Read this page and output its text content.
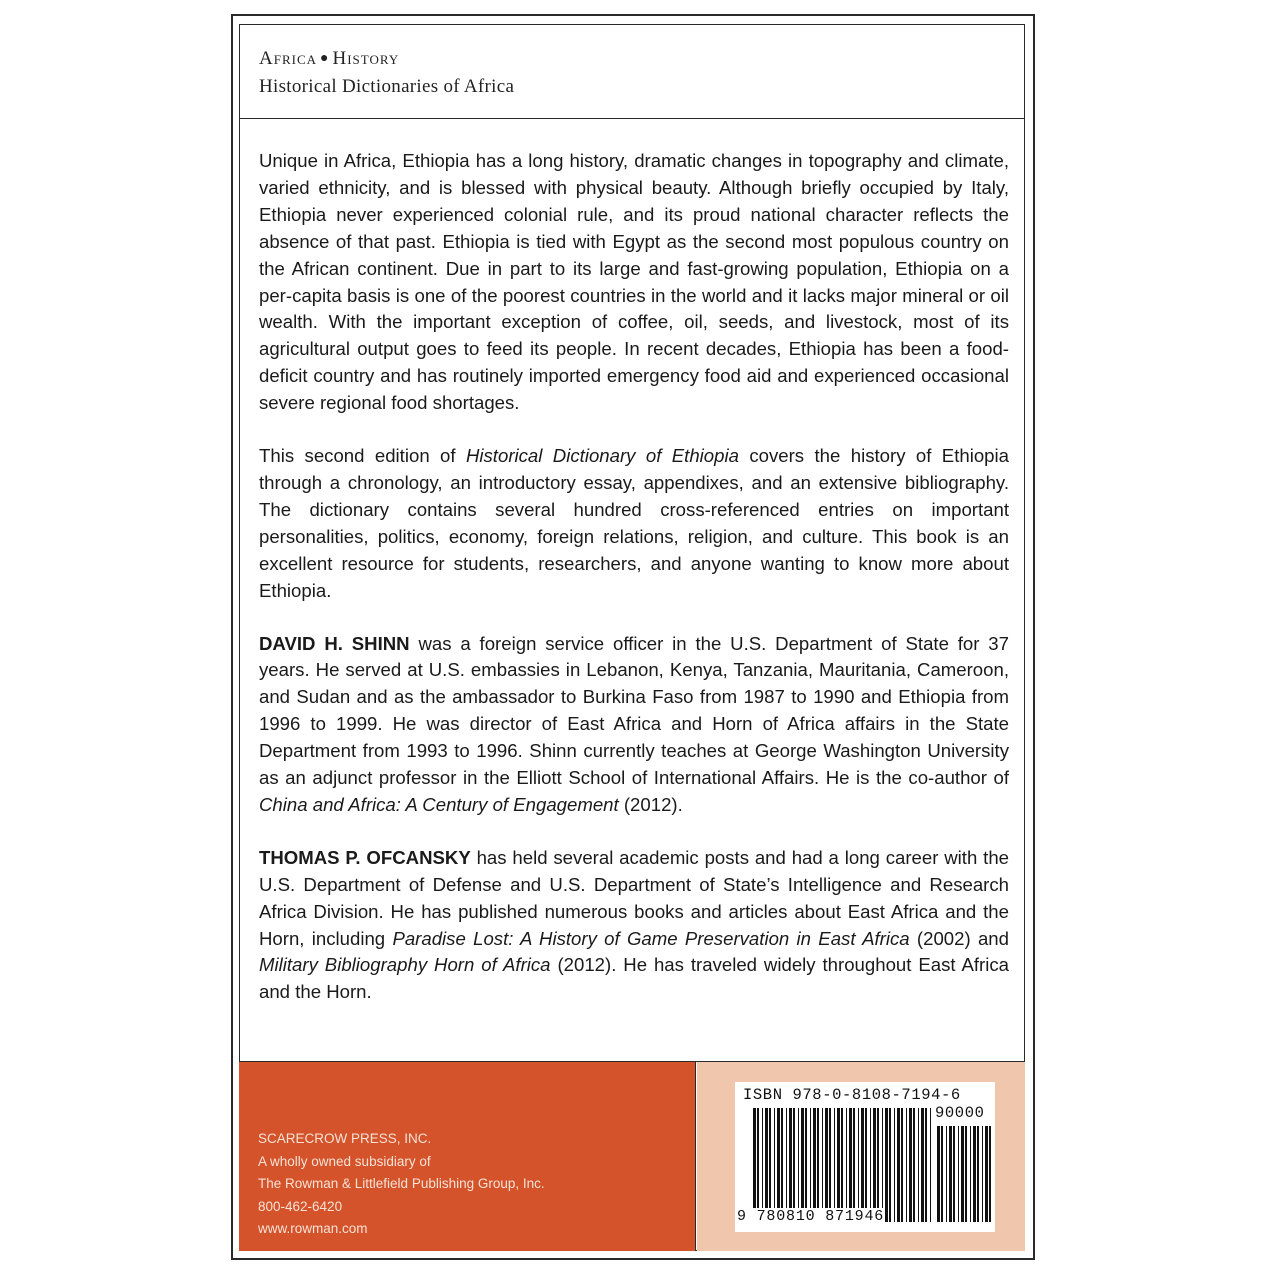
Africa ● History
Historical Dictionaries of Africa

Unique in Africa, Ethiopia has a long history, dramatic changes in topography and climate, varied ethnicity, and is blessed with physical beauty. Although briefly occupied by Italy, Ethiopia never experienced colonial rule, and its proud national character reflects the absence of that past. Ethiopia is tied with Egypt as the second most populous country on the African continent. Due in part to its large and fast-growing population, Ethiopia on a per-capita basis is one of the poorest countries in the world and it lacks major mineral or oil wealth. With the important exception of coffee, oil, seeds, and livestock, most of its agricultural output goes to feed its people. In recent decades, Ethiopia has been a food-deficit country and has routinely imported emergency food aid and experienced occasional severe regional food shortages.

This second edition of Historical Dictionary of Ethiopia covers the history of Ethiopia through a chronology, an introductory essay, appendixes, and an extensive bibliography. The dictionary contains several hundred cross-referenced entries on important personalities, politics, economy, foreign relations, religion, and culture. This book is an excellent resource for students, researchers, and anyone wanting to know more about Ethiopia.

DAVID H. SHINN was a foreign service officer in the U.S. Department of State for 37 years. He served at U.S. embassies in Lebanon, Kenya, Tanzania, Mauritania, Cameroon, and Sudan and as the ambassador to Burkina Faso from 1987 to 1990 and Ethiopia from 1996 to 1999. He was director of East Africa and Horn of Africa affairs in the State Department from 1993 to 1996. Shinn currently teaches at George Washington University as an adjunct professor in the Elliott School of International Affairs. He is the co-author of China and Africa: A Century of Engagement (2012).

THOMAS P. OFCANSKY has held several academic posts and had a long career with the U.S. Department of Defense and U.S. Department of State’s Intelligence and Research Africa Division. He has published numerous books and articles about East Africa and the Horn, including Paradise Lost: A History of Game Preservation in East Africa (2002) and Military Bibliography Horn of Africa (2012). He has traveled widely throughout East Africa and the Horn.

SCARECROW PRESS, INC.
A wholly owned subsidiary of
The Rowman & Littlefield Publishing Group, Inc.
800-462-6420
www.rowman.com
ISBN 978-0-8108-7194-6
90000
9 780810 871946
